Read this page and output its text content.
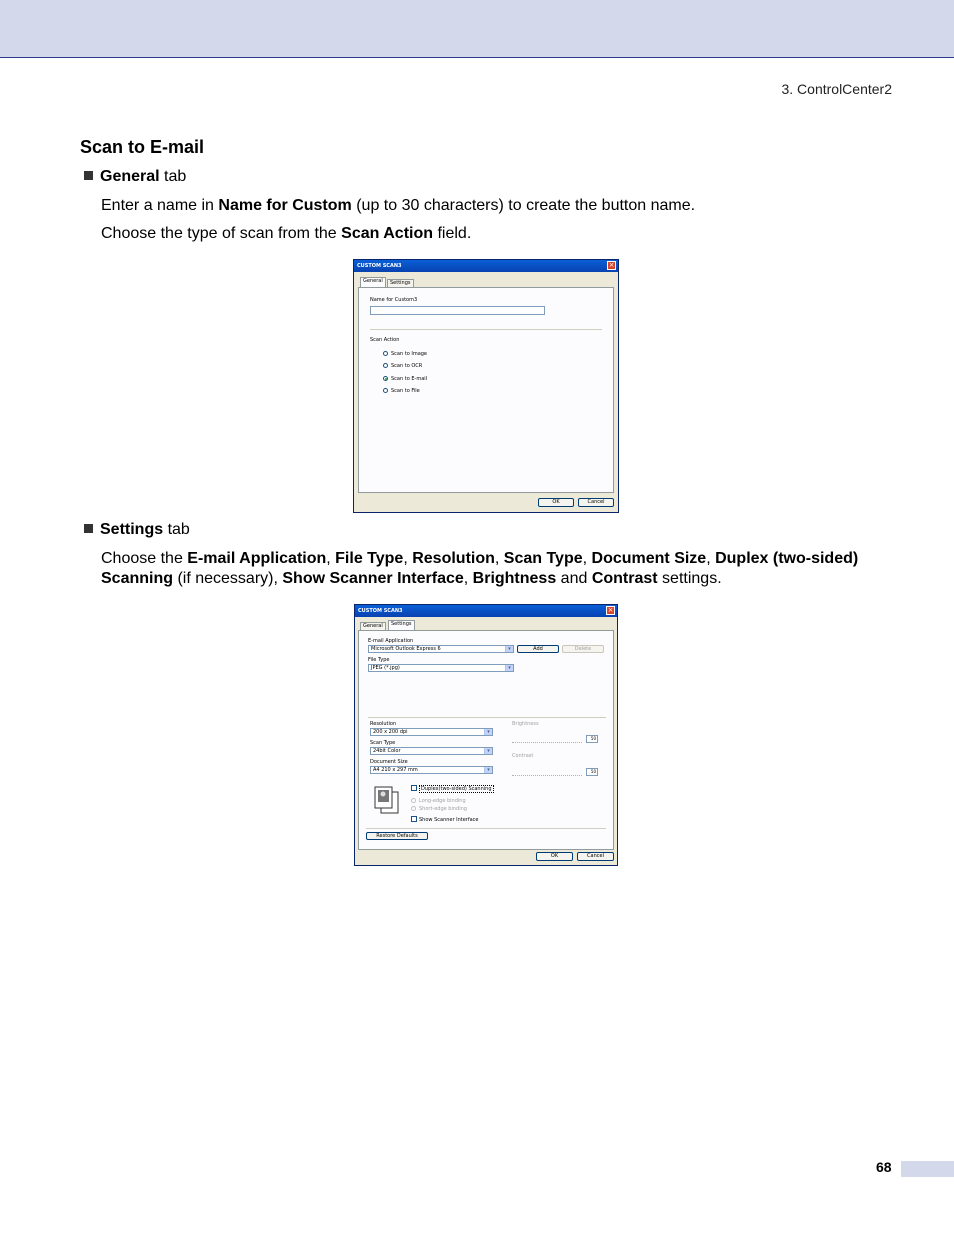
3. ControlCenter2
Scan to E-mail
General tab
Enter a name in Name for Custom (up to 30 characters) to create the button name.
Choose the type of scan from the Scan Action field.
CUSTOM SCAN3	×
General	Settings
Name for Custom3
Scan Action
Scan to Image
Scan to OCR
Scan to E-mail
Scan to File
OK	Cancel
Settings tab
Choose the E-mail Application, File Type, Resolution, Scan Type, Document Size, Duplex (two-sided) Scanning (if necessary), Show Scanner Interface, Brightness and Contrast settings.
CUSTOM SCAN3	×
General	Settings
E-mail Application
Microsoft Outlook Express 6	▾	Add	Delete
File Type
JPEG (*.jpg)	▾
Resolution
200 x 200 dpi	▾
Scan Type
24bit Color	▾
Document Size
A4 210 x 297 mm	▾
Brightness
50
Contrast
50
Duplex(two-sided) Scanning
Long-edge binding
Short-edge binding
Show Scanner Interface
Restore Defaults
OK	Cancel
68
